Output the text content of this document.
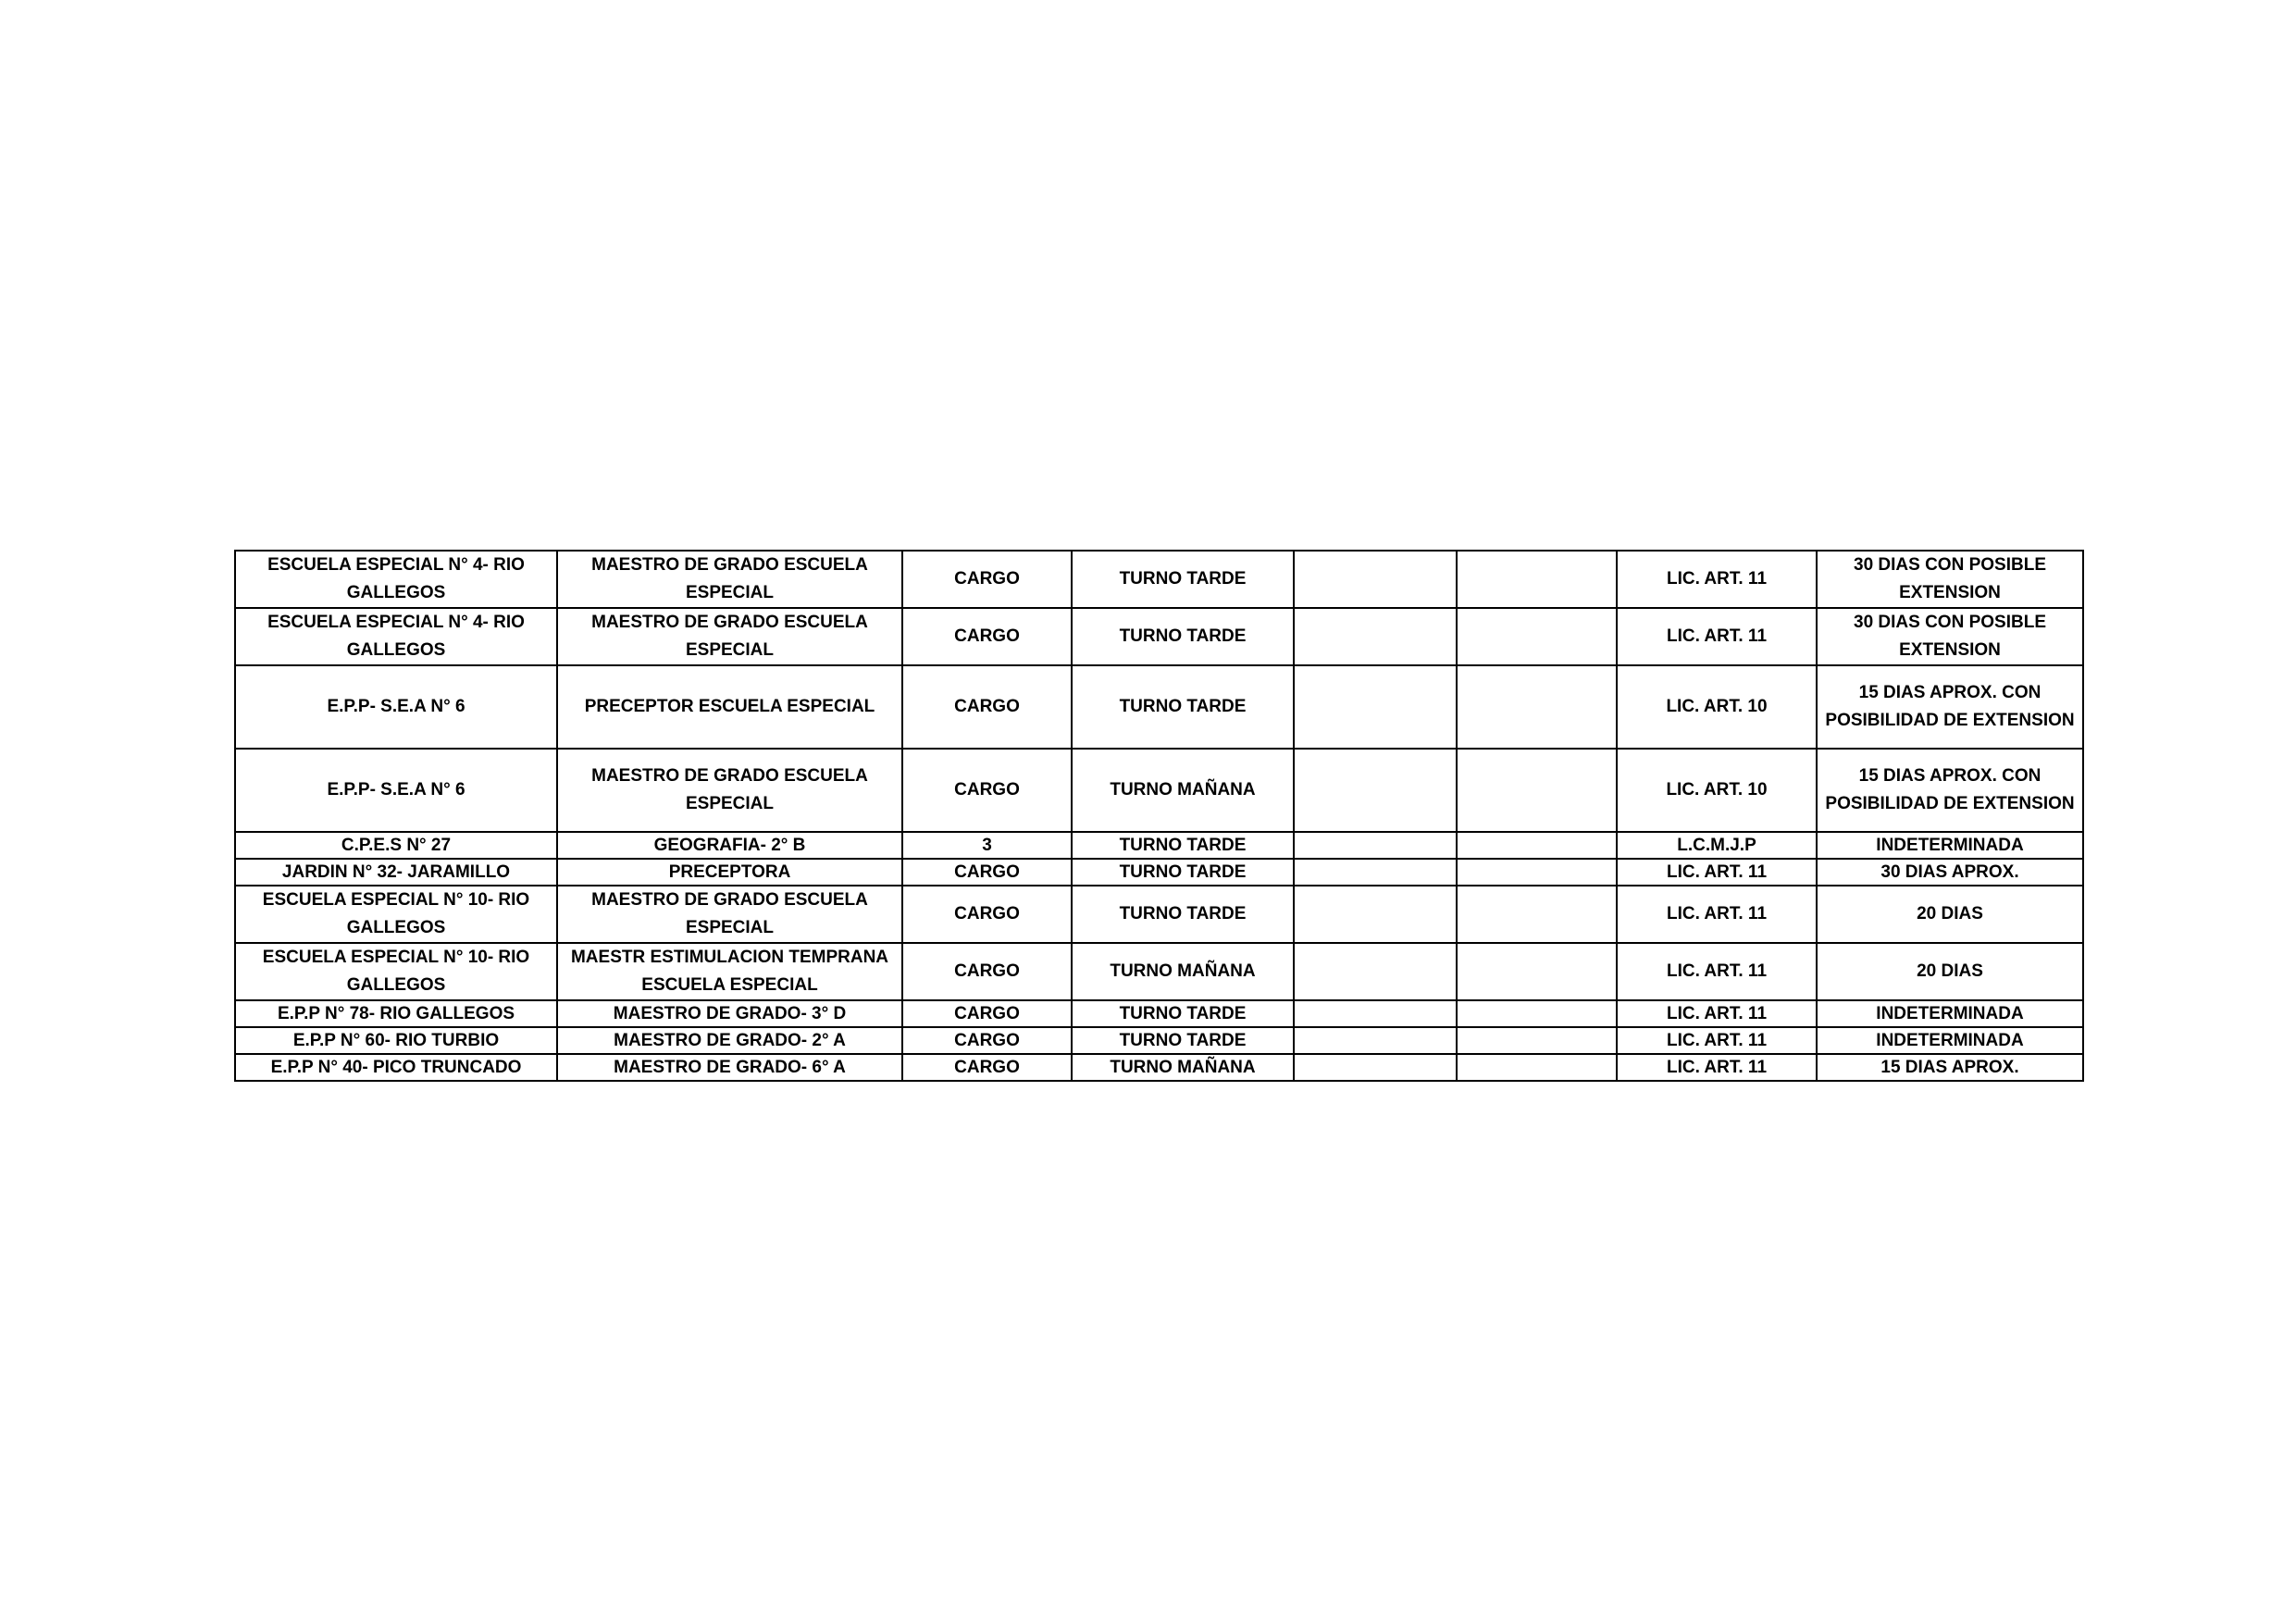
ESCUELA ESPECIAL N° 4- RIO GALLEGOS	MAESTRO DE GRADO ESCUELA ESPECIAL	CARGO	TURNO TARDE			LIC. ART. 11	30 DIAS CON POSIBLE EXTENSION
ESCUELA ESPECIAL N° 4- RIO GALLEGOS	MAESTRO DE GRADO ESCUELA ESPECIAL	CARGO	TURNO TARDE			LIC. ART. 11	30 DIAS CON POSIBLE EXTENSION
E.P.P- S.E.A N° 6	PRECEPTOR ESCUELA ESPECIAL	CARGO	TURNO TARDE			LIC. ART. 10	15 DIAS APROX. CON POSIBILIDAD DE EXTENSION
E.P.P- S.E.A N° 6	MAESTRO DE GRADO ESCUELA ESPECIAL	CARGO	TURNO MAÑANA			LIC. ART. 10	15 DIAS APROX. CON POSIBILIDAD DE EXTENSION
C.P.E.S N° 27	GEOGRAFIA- 2° B	3	TURNO TARDE			L.C.M.J.P	INDETERMINADA
JARDIN N° 32- JARAMILLO	PRECEPTORA	CARGO	TURNO TARDE			LIC. ART. 11	30 DIAS APROX.
ESCUELA ESPECIAL N° 10- RIO GALLEGOS	MAESTRO DE GRADO ESCUELA ESPECIAL	CARGO	TURNO TARDE			LIC. ART. 11	20 DIAS
ESCUELA ESPECIAL N° 10- RIO GALLEGOS	MAESTR ESTIMULACION TEMPRANA ESCUELA ESPECIAL	CARGO	TURNO MAÑANA			LIC. ART. 11	20 DIAS
E.P.P N° 78- RIO GALLEGOS	MAESTRO DE GRADO- 3° D	CARGO	TURNO TARDE			LIC. ART. 11	INDETERMINADA
E.P.P N° 60- RIO TURBIO	MAESTRO DE GRADO- 2° A	CARGO	TURNO TARDE			LIC. ART. 11	INDETERMINADA
E.P.P N° 40- PICO TRUNCADO	MAESTRO DE GRADO- 6° A	CARGO	TURNO MAÑANA			LIC. ART. 11	15 DIAS APROX.
